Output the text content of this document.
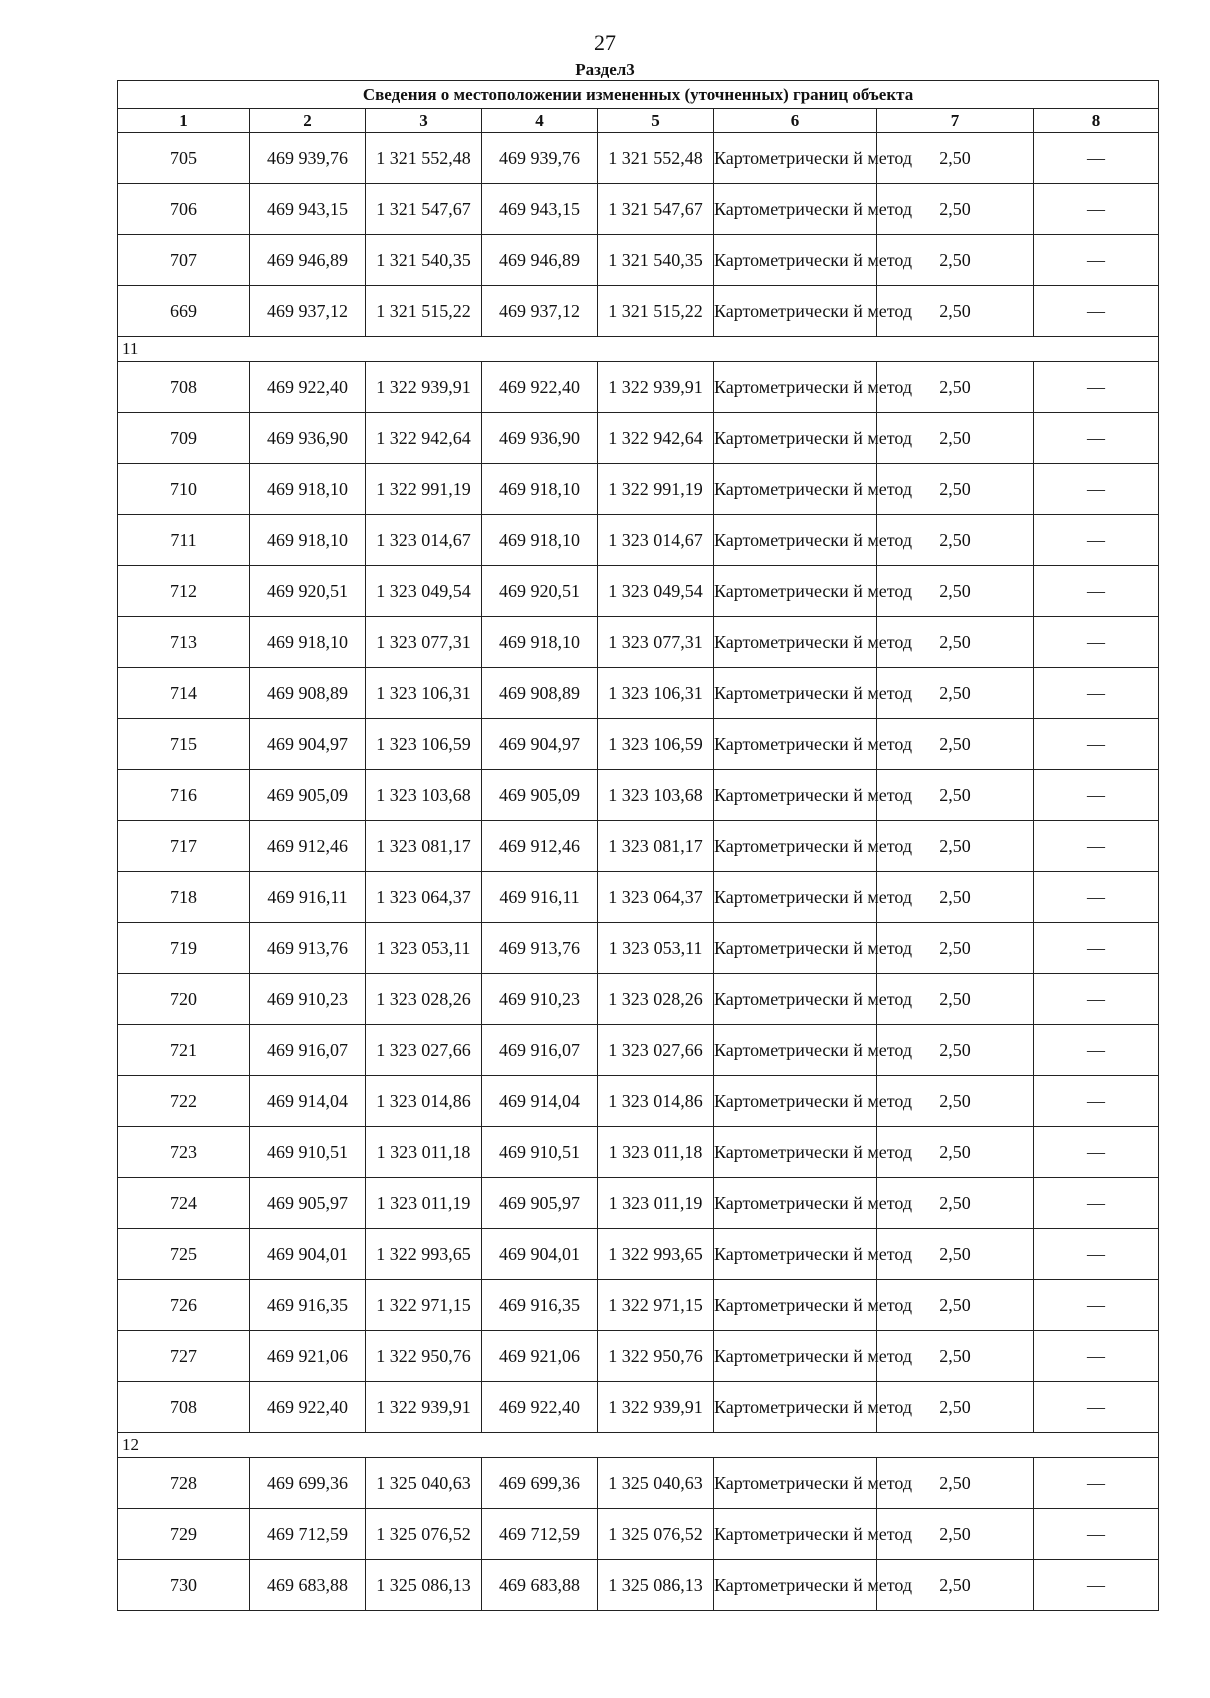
27
Раздел3
Сведения о местоположении измененных (уточненных) границ объекта							
1	2	3	4	5	6	7	8
705	469 939,76	1 321 552,48	469 939,76	1 321 552,48	Картометрически й метод	2,50	—
706	469 943,15	1 321 547,67	469 943,15	1 321 547,67	Картометрически й метод	2,50	—
707	469 946,89	1 321 540,35	469 946,89	1 321 540,35	Картометрически й метод	2,50	—
669	469 937,12	1 321 515,22	469 937,12	1 321 515,22	Картометрически й метод	2,50	—
11							
708	469 922,40	1 322 939,91	469 922,40	1 322 939,91	Картометрически й метод	2,50	—
709	469 936,90	1 322 942,64	469 936,90	1 322 942,64	Картометрически й метод	2,50	—
710	469 918,10	1 322 991,19	469 918,10	1 322 991,19	Картометрически й метод	2,50	—
711	469 918,10	1 323 014,67	469 918,10	1 323 014,67	Картометрически й метод	2,50	—
712	469 920,51	1 323 049,54	469 920,51	1 323 049,54	Картометрически й метод	2,50	—
713	469 918,10	1 323 077,31	469 918,10	1 323 077,31	Картометрически й метод	2,50	—
714	469 908,89	1 323 106,31	469 908,89	1 323 106,31	Картометрически й метод	2,50	—
715	469 904,97	1 323 106,59	469 904,97	1 323 106,59	Картометрически й метод	2,50	—
716	469 905,09	1 323 103,68	469 905,09	1 323 103,68	Картометрически й метод	2,50	—
717	469 912,46	1 323 081,17	469 912,46	1 323 081,17	Картометрически й метод	2,50	—
718	469 916,11	1 323 064,37	469 916,11	1 323 064,37	Картометрически й метод	2,50	—
719	469 913,76	1 323 053,11	469 913,76	1 323 053,11	Картометрически й метод	2,50	—
720	469 910,23	1 323 028,26	469 910,23	1 323 028,26	Картометрически й метод	2,50	—
721	469 916,07	1 323 027,66	469 916,07	1 323 027,66	Картометрически й метод	2,50	—
722	469 914,04	1 323 014,86	469 914,04	1 323 014,86	Картометрически й метод	2,50	—
723	469 910,51	1 323 011,18	469 910,51	1 323 011,18	Картометрически й метод	2,50	—
724	469 905,97	1 323 011,19	469 905,97	1 323 011,19	Картометрически й метод	2,50	—
725	469 904,01	1 322 993,65	469 904,01	1 322 993,65	Картометрически й метод	2,50	—
726	469 916,35	1 322 971,15	469 916,35	1 322 971,15	Картометрически й метод	2,50	—
727	469 921,06	1 322 950,76	469 921,06	1 322 950,76	Картометрически й метод	2,50	—
708	469 922,40	1 322 939,91	469 922,40	1 322 939,91	Картометрически й метод	2,50	—
12							
728	469 699,36	1 325 040,63	469 699,36	1 325 040,63	Картометрически й метод	2,50	—
729	469 712,59	1 325 076,52	469 712,59	1 325 076,52	Картометрически й метод	2,50	—
730	469 683,88	1 325 086,13	469 683,88	1 325 086,13	Картометрически й метод	2,50	—
